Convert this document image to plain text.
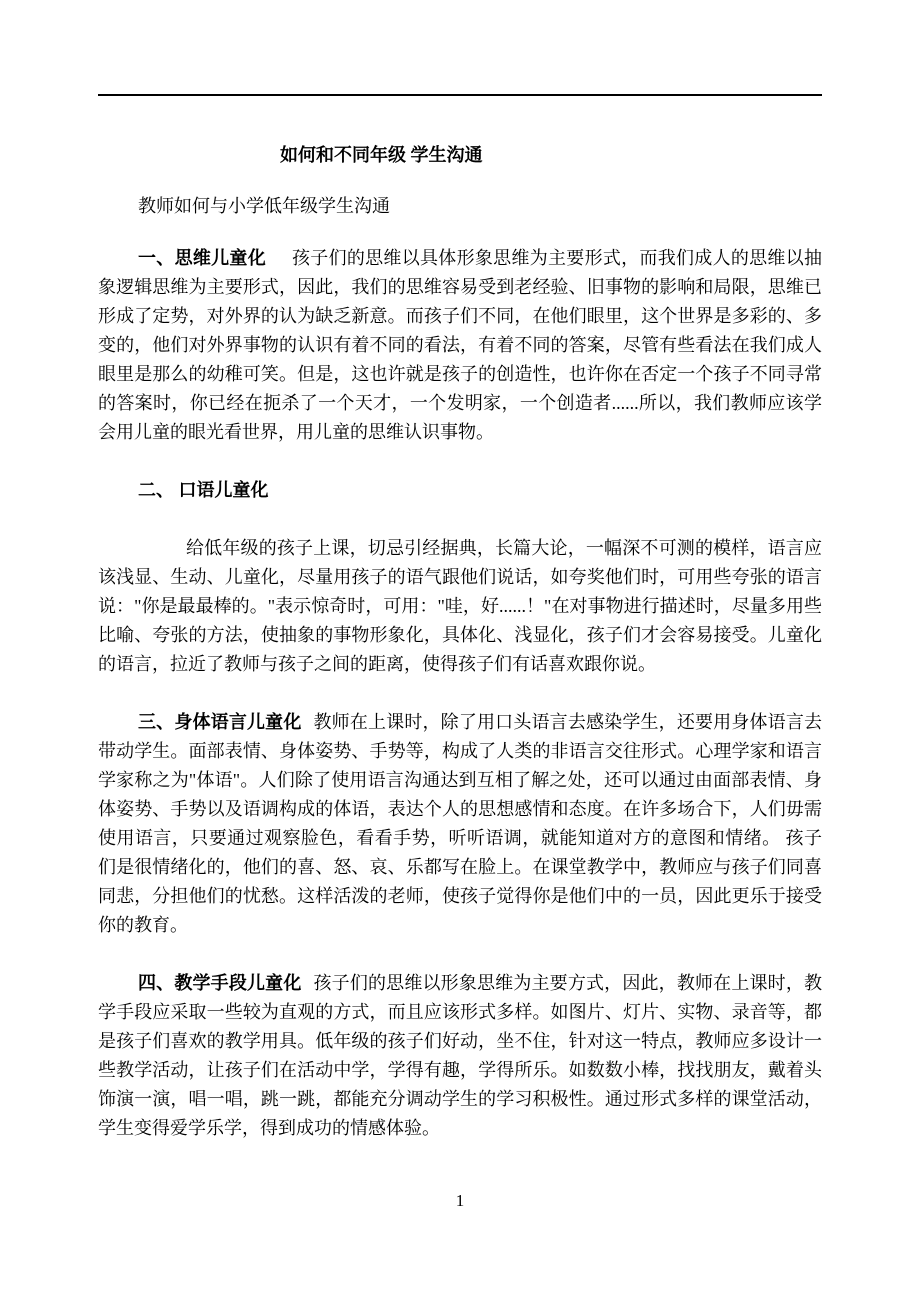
如何和不同年级 学生沟通

教师如何与小学低年级学生沟通

一、思维儿童化 孩子们的思维以具体形象思维为主要形式，而我们成人的思维以抽象逻辑思维为主要形式，因此，我们的思维容易受到老经验、旧事物的影响和局限，思维已形成了定势，对外界的认为缺乏新意。而孩子们不同，在他们眼里，这个世界是多彩的、多变的，他们对外界事物的认识有着不同的看法，有着不同的答案，尽管有些看法在我们成人眼里是那么的幼稚可笑。但是，这也许就是孩子的创造性，也许你在否定一个孩子不同寻常的答案时，你已经在扼杀了一个天才，一个发明家，一个创造者......所以，我们教师应该学会用儿童的眼光看世界，用儿童的思维认识事物。

二、 口语儿童化

给低年级的孩子上课，切忌引经据典，长篇大论，一幅深不可测的模样，语言应该浅显、生动、儿童化，尽量用孩子的语气跟他们说话，如夸奖他们时，可用些夸张的语言说："你是最最棒的。"表示惊奇时，可用："哇，好......！"在对事物进行描述时，尽量多用些比喻、夸张的方法，使抽象的事物形象化，具体化、浅显化，孩子们才会容易接受。儿童化的语言，拉近了教师与孩子之间的距离，使得孩子们有话喜欢跟你说。

三、身体语言儿童化 教师在上课时，除了用口头语言去感染学生，还要用身体语言去带动学生。面部表情、身体姿势、手势等，构成了人类的非语言交往形式。心理学家和语言学家称之为"体语"。人们除了使用语言沟通达到互相了解之处，还可以通过由面部表情、身体姿势、手势以及语调构成的体语，表达个人的思想感情和态度。在许多场合下，人们毋需使用语言，只要通过观察脸色，看看手势，听听语调，就能知道对方的意图和情绪。 孩子们是很情绪化的，他们的喜、怒、哀、乐都写在脸上。在课堂教学中，教师应与孩子们同喜同悲，分担他们的忧愁。这样活泼的老师，使孩子觉得你是他们中的一员，因此更乐于接受你的教育。

四、教学手段儿童化 孩子们的思维以形象思维为主要方式，因此，教师在上课时，教学手段应采取一些较为直观的方式，而且应该形式多样。如图片、灯片、实物、录音等，都是孩子们喜欢的教学用具。低年级的孩子们好动，坐不住，针对这一特点，教师应多设计一些教学活动，让孩子们在活动中学，学得有趣，学得所乐。如数数小棒，找找朋友，戴着头饰演一演，唱一唱，跳一跳，都能充分调动学生的学习积极性。通过形式多样的课堂活动，学生变得爱学乐学，得到成功的情感体验。

1
